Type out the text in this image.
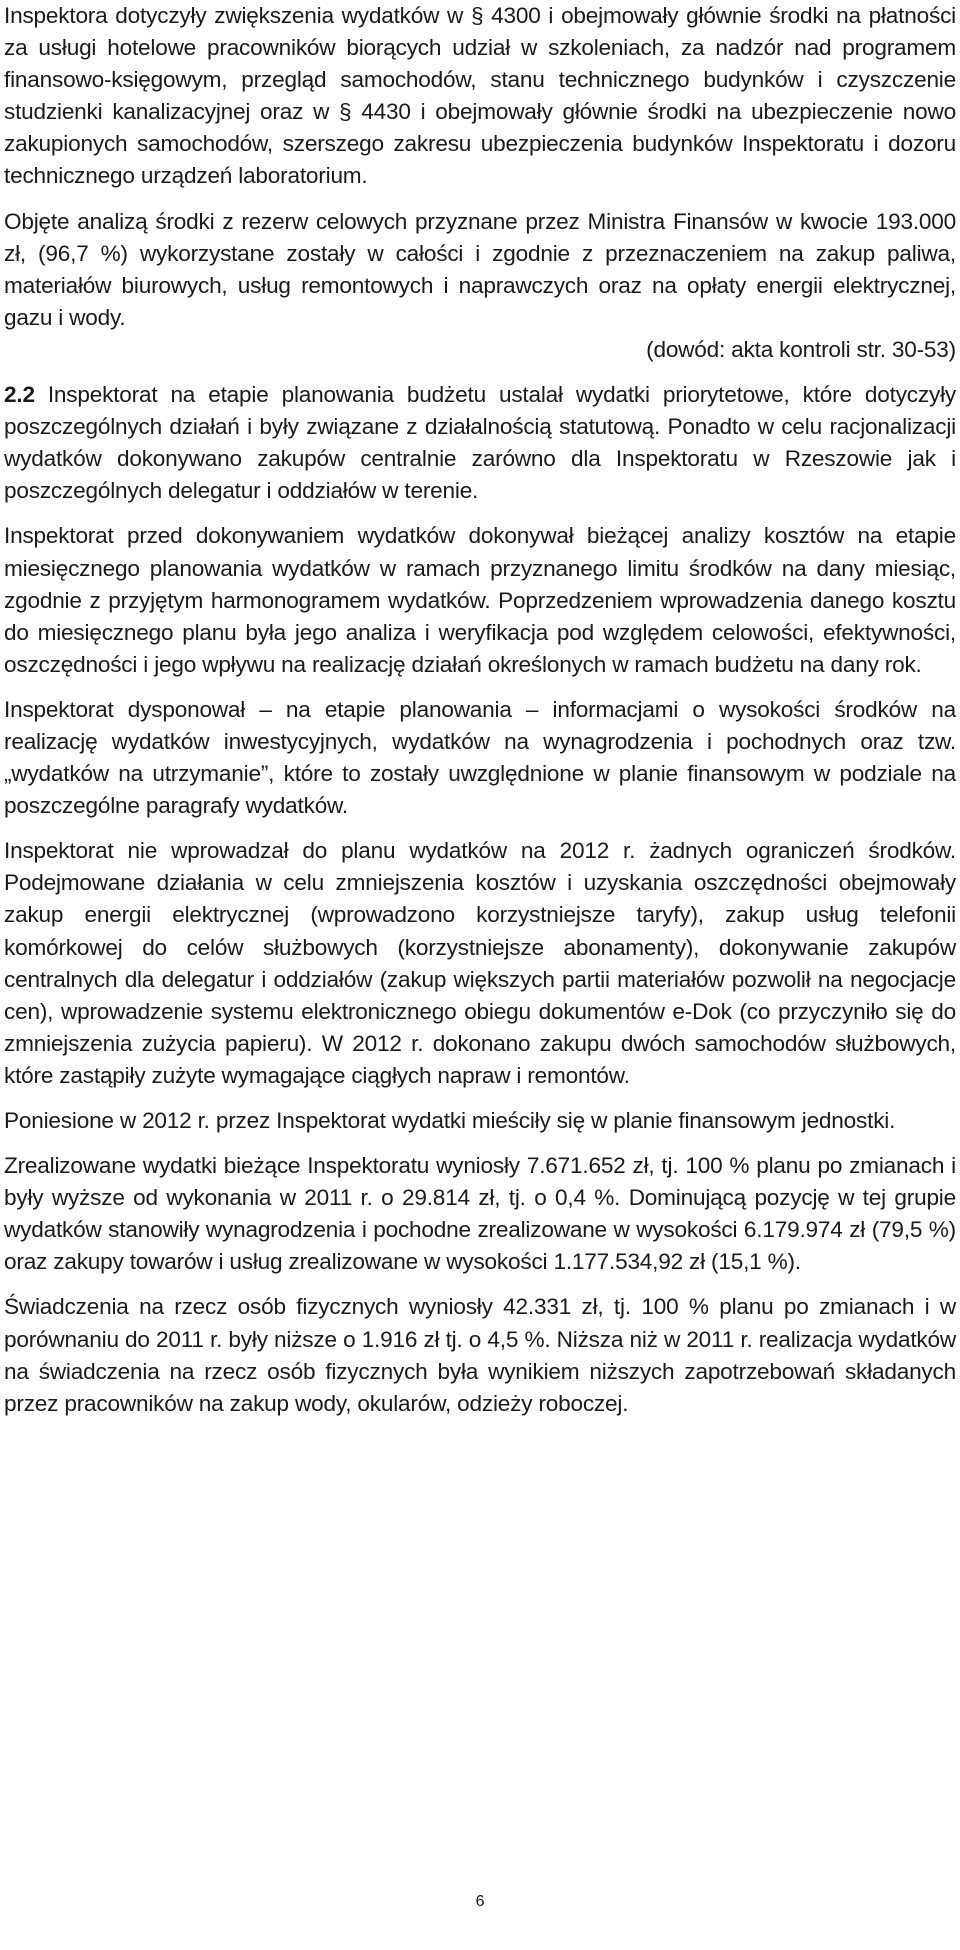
Inspektora dotyczyły zwiększenia wydatków w § 4300 i obejmowały głównie środki na płatności za usługi hotelowe pracowników biorących udział w szkoleniach, za nadzór nad programem finansowo-księgowym, przegląd samochodów, stanu technicznego budynków i czyszczenie studzienki kanalizacyjnej oraz w § 4430 i obejmowały głównie środki na ubezpieczenie nowo zakupionych samochodów, szerszego zakresu ubezpieczenia budynków Inspektoratu i dozoru technicznego urządzeń laboratorium.

Objęte analizą środki z rezerw celowych przyznane przez Ministra Finansów w kwocie 193.000 zł, (96,7 %) wykorzystane zostały w całości i zgodnie z przeznaczeniem na zakup paliwa, materiałów biurowych, usług remontowych i naprawczych oraz na opłaty energii elektrycznej, gazu i wody.

(dowód: akta kontroli str. 30-53)

2.2 Inspektorat na etapie planowania budżetu ustalał wydatki priorytetowe, które dotyczyły poszczególnych działań i były związane z działalnością statutową. Ponadto w celu racjonalizacji wydatków dokonywano zakupów centralnie zarówno dla Inspektoratu w Rzeszowie jak i poszczególnych delegatur i oddziałów w terenie.

Inspektorat przed dokonywaniem wydatków dokonywał bieżącej analizy kosztów na etapie miesięcznego planowania wydatków w ramach przyznanego limitu środków na dany miesiąc, zgodnie z przyjętym harmonogramem wydatków. Poprzedzeniem wprowadzenia danego kosztu do miesięcznego planu była jego analiza i weryfikacja pod względem celowości, efektywności, oszczędności i jego wpływu na realizację działań określonych w ramach budżetu na dany rok.

Inspektorat dysponował – na etapie planowania – informacjami o wysokości środków na realizację wydatków inwestycyjnych, wydatków na wynagrodzenia i pochodnych oraz tzw. „wydatków na utrzymanie”, które to zostały uwzględnione w planie finansowym w podziale na poszczególne paragrafy wydatków.

Inspektorat nie wprowadzał do planu wydatków na 2012 r. żadnych ograniczeń środków. Podejmowane działania w celu zmniejszenia kosztów i uzyskania oszczędności obejmowały zakup energii elektrycznej (wprowadzono korzystniejsze taryfy), zakup usług telefonii komórkowej do celów służbowych (korzystniejsze abonamenty), dokonywanie zakupów centralnych dla delegatur i oddziałów (zakup większych partii materiałów pozwolił na negocjacje cen), wprowadzenie systemu elektronicznego obiegu dokumentów e-Dok (co przyczyniło się do zmniejszenia zużycia papieru). W 2012 r. dokonano zakupu dwóch samochodów służbowych, które zastąpiły zużyte wymagające ciągłych napraw i remontów.

Poniesione w 2012 r. przez Inspektorat wydatki mieściły się w planie finansowym jednostki.

Zrealizowane wydatki bieżące Inspektoratu wyniosły 7.671.652 zł, tj. 100 % planu po zmianach i były wyższe od wykonania w 2011 r. o 29.814 zł, tj. o 0,4 %. Dominującą pozycję w tej grupie wydatków stanowiły wynagrodzenia i pochodne zrealizowane w wysokości 6.179.974 zł (79,5 %) oraz zakupy towarów i usług zrealizowane w wysokości 1.177.534,92 zł (15,1 %).

Świadczenia na rzecz osób fizycznych wyniosły 42.331 zł, tj. 100 % planu po zmianach i w porównaniu do 2011 r. były niższe o 1.916 zł tj. o 4,5 %. Niższa niż w 2011 r. realizacja wydatków na świadczenia na rzecz osób fizycznych była wynikiem niższych zapotrzebowań składanych przez pracowników na zakup wody, okularów, odzieży roboczej.

6
